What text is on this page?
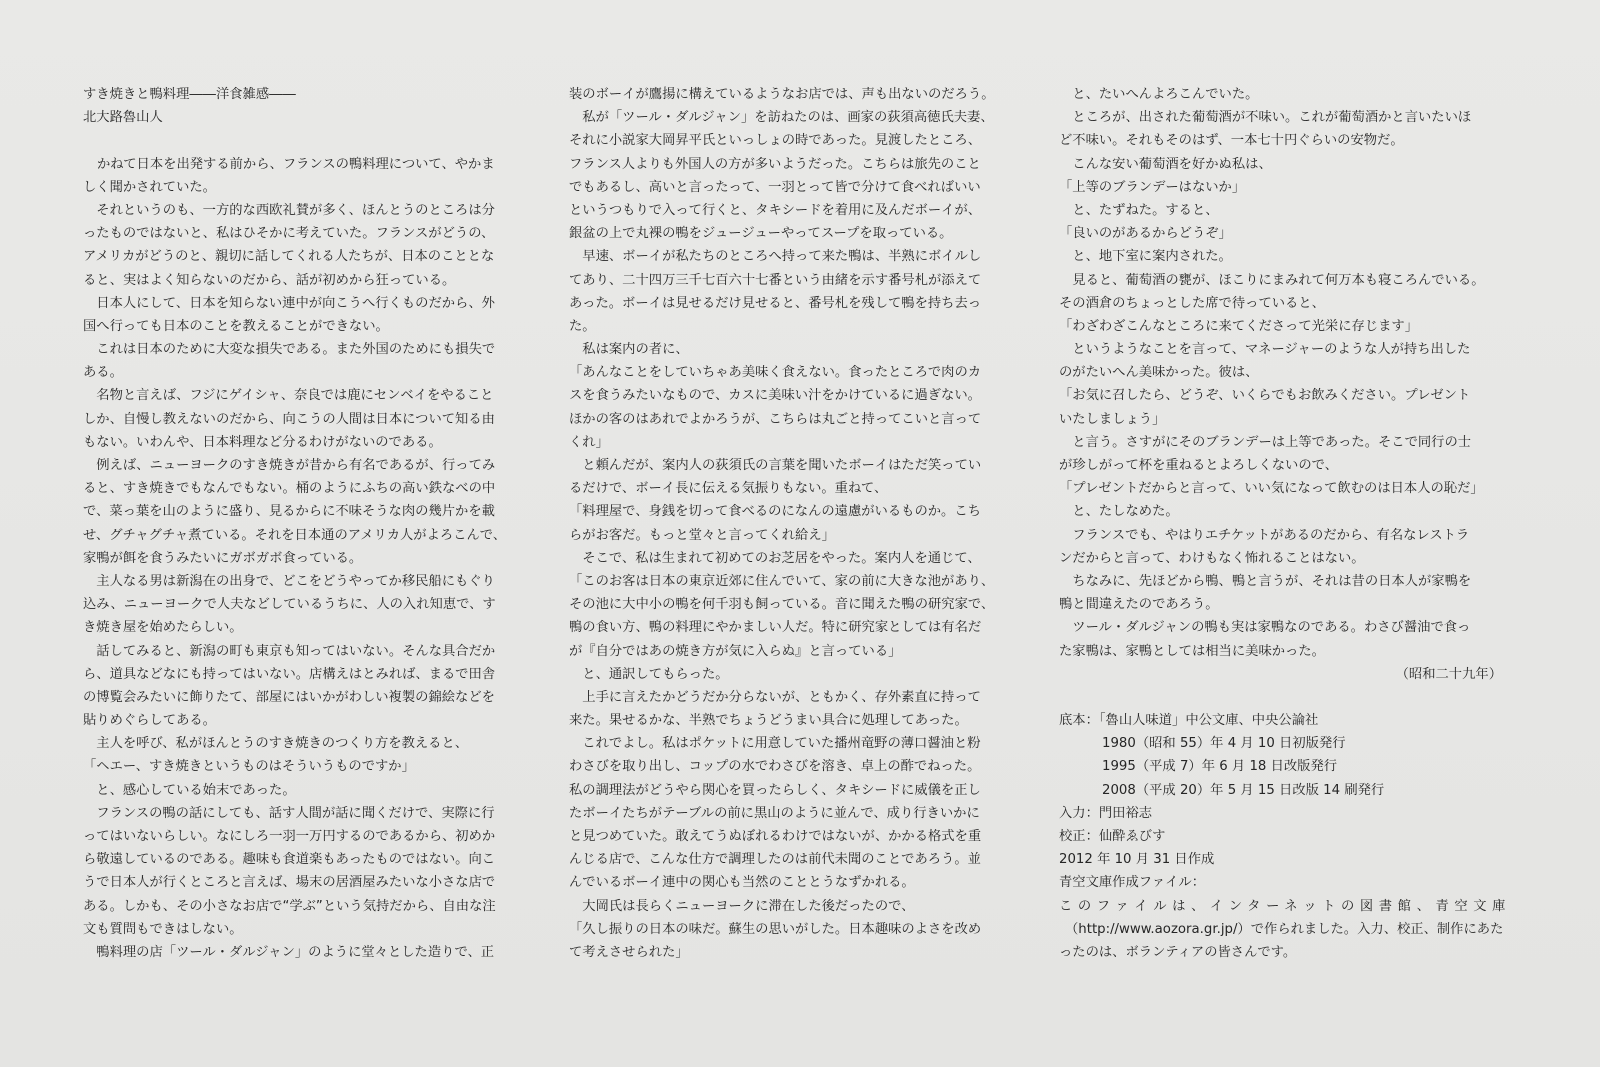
すき焼きと鴨料理――洋食雑感――
北大路魯山人
かねて日本を出発する前から、フランスの鴨料理について、やかま
しく聞かされていた。
　それというのも、一方的な西欧礼賛が多く、ほんとうのところは分
ったものではないと、私はひそかに考えていた。フランスがどうの、
アメリカがどうのと、親切に話してくれる人たちが、日本のこととな
ると、実はよく知らないのだから、話が初めから狂っている。
　日本人にして、日本を知らない連中が向こうへ行くものだから、外
国へ行っても日本のことを教えることができない。
　これは日本のために大変な損失である。また外国のためにも損失で
ある。
　名物と言えば、フジにゲイシャ、奈良では鹿にセンベイをやること
しか、自慢し教えないのだから、向こうの人間は日本について知る由
もない。いわんや、日本料理など分るわけがないのである。
　例えば、ニューヨークのすき焼きが昔から有名であるが、行ってみ
ると、すき焼きでもなんでもない。桶のようにふちの高い鉄なべの中
で、菜っ葉を山のように盛り、見るからに不味そうな肉の幾片かを載
せ、グチャグチャ煮ている。それを日本通のアメリカ人がよろこんで、
家鴨が餌を食うみたいにガボガボ食っている。
　主人なる男は新潟在の出身で、どこをどうやってか移民船にもぐり
込み、ニューヨークで人夫などしているうちに、人の入れ知恵で、す
き焼き屋を始めたらしい。
　話してみると、新潟の町も東京も知ってはいない。そんな具合だか
ら、道具などなにも持ってはいない。店構えはとみれば、まるで田舎
の博覧会みたいに飾りたて、部屋にはいかがわしい複製の錦絵などを
貼りめぐらしてある。
　主人を呼び、私がほんとうのすき焼きのつくり方を教えると、
「ヘエー、すき焼きというものはそういうものですか」
　と、感心している始末であった。
　フランスの鴨の話にしても、話す人間が話に聞くだけで、実際に行
ってはいないらしい。なにしろ一羽一万円するのであるから、初めか
ら敬遠しているのである。趣味も食道楽もあったものではない。向こ
うで日本人が行くところと言えば、場末の居酒屋みたいな小さな店で
ある。しかも、その小さなお店で“学ぶ”という気持だから、自由な注
文も質問もできはしない。
　鴨料理の店「ツール・ダルジャン」のように堂々とした造りで、正
装のボーイが鷹揚に構えているようなお店では、声も出ないのだろう。
　私が「ツール・ダルジャン」を訪ねたのは、画家の荻須高徳氏夫妻、
それに小説家大岡昇平氏といっしょの時であった。見渡したところ、
フランス人よりも外国人の方が多いようだった。こちらは旅先のこと
でもあるし、高いと言ったって、一羽とって皆で分けて食べればいい
というつもりで入って行くと、タキシードを着用に及んだボーイが、
銀盆の上で丸裸の鴨をジュージューやってスープを取っている。
　早速、ボーイが私たちのところへ持って来た鴨は、半熟にボイルし
てあり、二十四万三千七百六十七番という由緒を示す番号札が添えて
あった。ボーイは見せるだけ見せると、番号札を残して鴨を持ち去っ
た。
　私は案内の者に、
「あんなことをしていちゃあ美味く食えない。食ったところで肉のカ
スを食うみたいなもので、カスに美味い汁をかけているに過ぎない。
ほかの客のはあれでよかろうが、こちらは丸ごと持ってこいと言って
くれ」
　と頼んだが、案内人の荻須氏の言葉を聞いたボーイはただ笑ってい
るだけで、ボーイ長に伝える気振りもない。重ねて、
「料理屋で、身銭を切って食べるのになんの遠慮がいるものか。こち
らがお客だ。もっと堂々と言ってくれ給え」
　そこで、私は生まれて初めてのお芝居をやった。案内人を通じて、
「このお客は日本の東京近郊に住んでいて、家の前に大きな池があり、
その池に大中小の鴨を何千羽も飼っている。音に聞えた鴨の研究家で、
鴨の食い方、鴨の料理にやかましい人だ。特に研究家としては有名だ
が『自分ではあの焼き方が気に入らぬ』と言っている」
　と、通訳してもらった。
　上手に言えたかどうだか分らないが、ともかく、存外素直に持って
来た。果せるかな、半熟でちょうどうまい具合に処理してあった。
　これでよし。私はポケットに用意していた播州竜野の薄口醤油と粉
わさびを取り出し、コップの水でわさびを溶き、卓上の酢でねった。
私の調理法がどうやら関心を買ったらしく、タキシードに威儀を正し
たボーイたちがテーブルの前に黒山のように並んで、成り行きいかに
と見つめていた。敢えてうぬぼれるわけではないが、かかる格式を重
んじる店で、こんな仕方で調理したのは前代未聞のことであろう。並
んでいるボーイ連中の関心も当然のこととうなずかれる。
　大岡氏は長らくニューヨークに滞在した後だったので、
「久し振りの日本の味だ。蘇生の思いがした。日本趣味のよさを改め
て考えさせられた」
　と、たいへんよろこんでいた。
　ところが、出された葡萄酒が不味い。これが葡萄酒かと言いたいほ
ど不味い。それもそのはず、一本七十円ぐらいの安物だ。
　こんな安い葡萄酒を好かぬ私は、
「上等のブランデーはないか」
　と、たずねた。すると、
「良いのがあるからどうぞ」
　と、地下室に案内された。
　見ると、葡萄酒の甕が、ほこりにまみれて何万本も寝ころんでいる。
その酒倉のちょっとした席で待っていると、
「わざわざこんなところに来てくださって光栄に存じます」
　というようなことを言って、マネージャーのような人が持ち出した
のがたいへん美味かった。彼は、
「お気に召したら、どうぞ、いくらでもお飲みください。プレゼント
いたしましょう」
　と言う。さすがにそのブランデーは上等であった。そこで同行の士
が珍しがって杯を重ねるとよろしくないので、
「プレゼントだからと言って、いい気になって飲むのは日本人の恥だ」
　と、たしなめた。
　フランスでも、やはりエチケットがあるのだから、有名なレストラ
ンだからと言って、わけもなく怖れることはない。
　ちなみに、先ほどから鴨、鴨と言うが、それは昔の日本人が家鴨を
鴨と間違えたのであろう。
　ツール・ダルジャンの鴨も実は家鴨なのである。わさび醤油で食っ
た家鴨は、家鴨としては相当に美味かった。
（昭和二十九年）
底本：「魯山人味道」中公文庫、中央公論社
1980（昭和 55）年 4 月 10 日初版発行
1995（平成 7）年 6 月 18 日改版発行
2008（平成 20）年 5 月 15 日改版 14 刷発行
入力：門田裕志
校正：仙酔ゑびす
2012 年 10 月 31 日作成
青空文庫作成ファイル：
このファイルは、インターネットの図書館、青空文庫
（http://www.aozora.gr.jp/）で作られました。入力、校正、制作にあた
ったのは、ボランティアの皆さんです。
